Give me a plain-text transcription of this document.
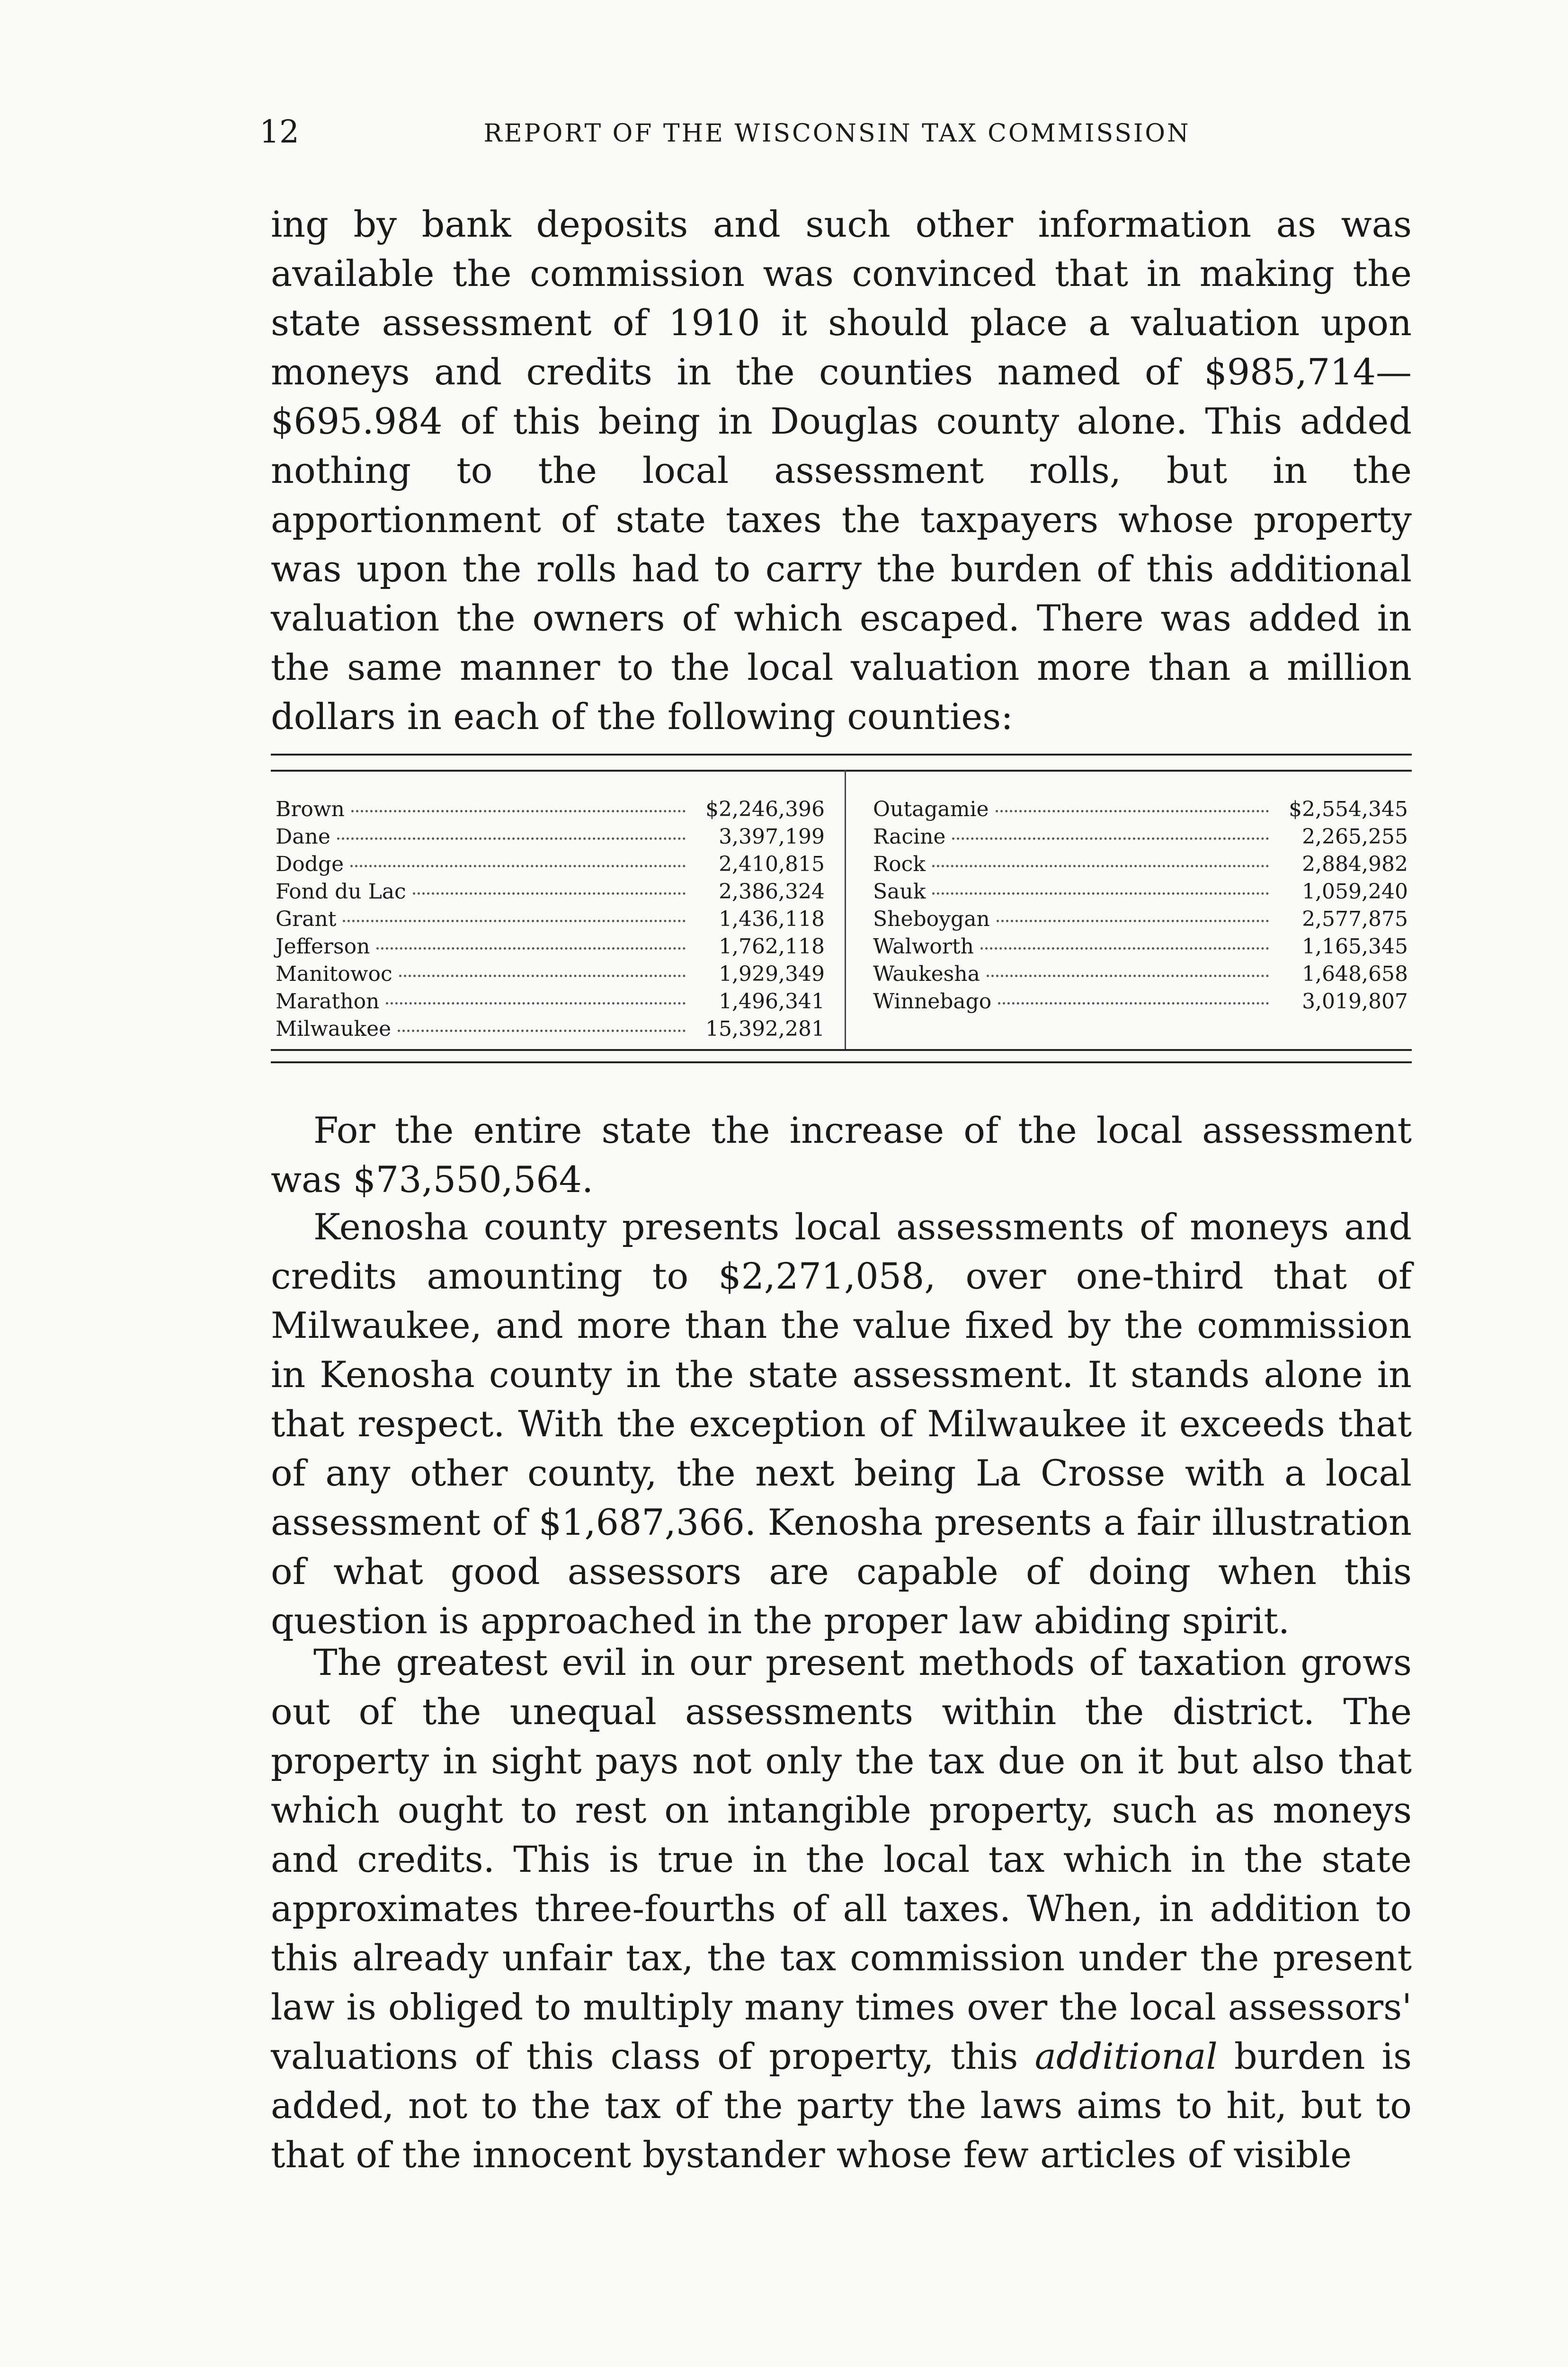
12	REPORT OF THE WISCONSIN TAX COMMISSION

ing by bank deposits and such other information as was available the commission was convinced that in making the state assessment of 1910 it should place a valuation upon moneys and credits in the counties named of $985,714—$695.984 of this being in Douglas county alone. This added nothing to the local assessment rolls, but in the apportionment of state taxes the taxpayers whose property was upon the rolls had to carry the burden of this additional valuation the owners of which escaped. There was added in the same manner to the local valuation more than a million dollars in each of the following counties:

Brown	$2,246,396
Dane	3,397,199
Dodge	2,410,815
Fond du Lac	2,386,324
Grant	1,436,118
Jefferson	1,762,118
Manitowoc	1,929,349
Marathon	1,496,341
Milwaukee	15,392,281
Outagamie	$2,554,345
Racine	2,265,255
Rock	2,884,982
Sauk	1,059,240
Sheboygan	2,577,875
Walworth	1,165,345
Waukesha	1,648,658
Winnebago	3,019,807

For the entire state the increase of the local assessment was $73,550,564.

Kenosha county presents local assessments of moneys and credits amounting to $2,271,058, over one-third that of Milwaukee, and more than the value fixed by the commission in Kenosha county in the state assessment. It stands alone in that respect. With the exception of Milwaukee it exceeds that of any other county, the next being La Crosse with a local assessment of $1,687,366. Kenosha presents a fair illustration of what good assessors are capable of doing when this question is approached in the proper law abiding spirit.

The greatest evil in our present methods of taxation grows out of the unequal assessments within the district. The property in sight pays not only the tax due on it but also that which ought to rest on intangible property, such as moneys and credits. This is true in the local tax which in the state approximates three-fourths of all taxes. When, in addition to this already unfair tax, the tax commission under the present law is obliged to multiply many times over the local assessors' valuations of this class of property, this additional burden is added, not to the tax of the party the laws aims to hit, but to that of the innocent bystander whose few articles of visible
